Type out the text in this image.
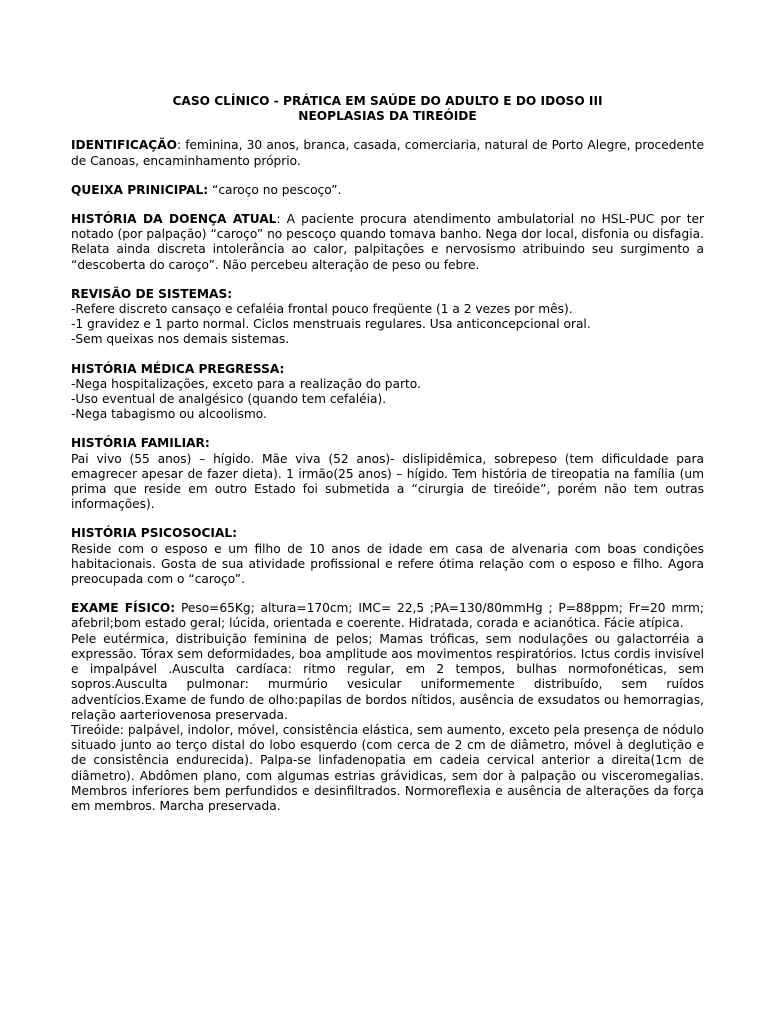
CASO CLÍNICO - PRÁTICA EM SAÚDE DO ADULTO E DO IDOSO III

NEOPLASIAS DA TIREÓIDE

IDENTIFICAÇÃO: feminina, 30 anos, branca, casada, comerciaria, natural de Porto Alegre, procedente de Canoas, encaminhamento próprio.
QUEIXA PRINICIPAL: “caroço no pescoço”.
HISTÓRIA DA DOENÇA ATUAL: A paciente procura atendimento ambulatorial no HSL-PUC por ter notado (por palpação) “caroço” no pescoço quando tomava banho. Nega dor local, disfonia ou disfagia. Relata ainda discreta intolerância ao calor, palpitações e nervosismo atribuindo seu surgimento a “descoberta do caroço”. Não percebeu alteração de peso ou febre.
REVISÃO DE SISTEMAS:
-Refere discreto cansaço e cefaléia frontal pouco freqüente (1 a 2 vezes por mês).
-1 gravidez e 1 parto normal. Ciclos menstruais regulares. Usa anticoncepcional oral.
-Sem queixas nos demais sistemas.
HISTÓRIA MÉDICA PREGRESSA:
-Nega hospitalizações, exceto para a realização do parto.
-Uso eventual de analgésico (quando tem cefaléia).
-Nega tabagismo ou alcoolismo.
HISTÓRIA FAMILIAR:

Pai vivo (55 anos) – hígido. Mãe viva (52 anos)- dislipidêmica, sobrepeso (tem dificuldade para emagrecer apesar de fazer dieta). 1 irmão(25 anos) – hígido. Tem história de tireopatia na família (um prima que reside em outro Estado foi submetida a “cirurgia de tireóide”, porém não tem outras informações).

HISTÓRIA PSICOSOCIAL:

Reside com o esposo e um filho de 10 anos de idade em casa de alvenaria com boas condições habitacionais. Gosta de sua atividade profissional e refere ótima relação com o esposo e filho. Agora preocupada com o “caroço”.

EXAME FÍSICO: Peso=65Kg; altura=170cm; IMC= 22,5 ;PA=130/80mmHg ; P=88ppm; Fr=20 mrm; afebril;bom estado geral; lúcida, orientada e coerente. Hidratada, corada e acianótica. Fácie atípica.

Pele eutérmica, distribuição feminina de pelos; Mamas tróficas, sem nodulações ou galactorréia a expressão. Tórax sem deformidades, boa amplitude aos movimentos respiratórios. Ictus cordis invisível e impalpável .Ausculta cardíaca: ritmo regular, em 2 tempos, bulhas normofonéticas, sem sopros.Ausculta pulmonar: murmúrio vesicular uniformemente distribuído, sem ruídos adventícios.Exame de fundo de olho:papilas de bordos nítidos, ausência de exsudatos ou hemorragias, relação aarteriovenosa preservada.

Tireóide: palpável, indolor, móvel, consistência elástica, sem aumento, exceto pela presença de nódulo situado junto ao terço distal do lobo esquerdo (com cerca de 2 cm de diâmetro, móvel à deglutição e de consistência endurecida). Palpa-se linfadenopatia em cadeia cervical anterior a direita(1cm de diâmetro). Abdômen plano, com algumas estrias grávidicas, sem dor à palpação ou visceromegalias. Membros inferiores bem perfundidos e desinfiltrados. Normoreflexia e ausência de alterações da força em membros. Marcha preservada.
